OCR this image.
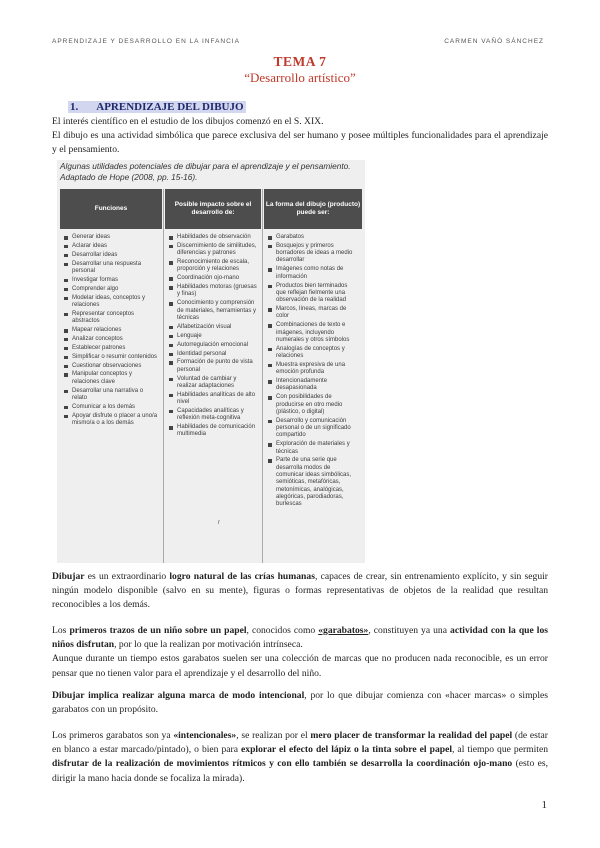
APRENDIZAJE Y DESARROLLO EN LA INFANCIA	CARMEN VAÑÓ SÁNCHEZ
TEMA 7
“Desarrollo artístico”
1. APRENDIZAJE DEL DIBUJO
El interés científico en el estudio de los dibujos comenzó en el S. XIX.
El dibujo es una actividad simbólica que parece exclusiva del ser humano y posee múltiples funcionalidades para el aprendizaje y el pensamiento.
Algunas utilidades potenciales de dibujar para el aprendizaje y el pensamiento.
Adaptado de Hope (2008, pp. 15-16).
Funciones
Posible impacto sobre el desarrollo de:
La forma del dibujo (producto) puede ser:
Generar ideas
Aclarar ideas
Desarrollar ideas
Desarrollar una respuesta personal
Investigar formas
Comprender algo
Modelar ideas, conceptos y relaciones
Representar conceptos abstractos
Mapear relaciones
Analizar conceptos
Establecer patrones
Simplificar o resumir contenidos
Cuestionar observaciones
Manipular conceptos y relaciones clave
Desarrollar una narrativa o relato
Comunicar a los demás
Apoyar disfrute o placer a uno/a mismo/a o a los demás
Habilidades de observación
Discernimiento de similitudes, diferencias y patrones
Reconocimiento de escala, proporción y relaciones
Coordinación ojo-mano
Habilidades motoras (gruesas y finas)
Conocimiento y comprensión de materiales, herramientas y técnicas
Alfabetización visual
Lenguaje
Autorregulación emocional
Identidad personal
Formación de punto de vista personal
Voluntad de cambiar y realizar adaptaciones
Habilidades analíticas de alto nivel
Capacidades analíticas y reflexión meta-cognitiva
Habilidades de comunicación multimedia
Garabatos
Bosquejos y primeros borradores de ideas a medio desarrollar
Imágenes como notas de información
Productos bien terminados que reflejan fielmente una observación de la realidad
Marcos, líneas, marcas de color
Combinaciones de texto e imágenes, incluyendo numerales y otros símbolos
Analogías de conceptos y relaciones
Muestra expresiva de una emoción profunda
Intencionadamente desapasionada
Con posibilidades de producirse en otro medio (plástico, o digital)
Desarrollo y comunicación personal o de un significado compartido
Exploración de materiales y técnicas
Parte de una serie que desarrolla modos de comunicar ideas simbólicas, semióticas, metafóricas, metonímicas, analógicas, alegóricas, parodiadoras, burlescas
r
Dibujar es un extraordinario logro natural de las crías humanas, capaces de crear, sin entrenamiento explícito, y sin seguir ningún modelo disponible (salvo en su mente), figuras o formas representativas de objetos de la realidad que resultan reconocibles a los demás.
Los primeros trazos de un niño sobre un papel, conocidos como «garabatos», constituyen ya una actividad con la que los niños disfrutan, por lo que la realizan por motivación intrínseca.
Aunque durante un tiempo estos garabatos suelen ser una colección de marcas que no producen nada reconocible, es un error pensar que no tienen valor para el aprendizaje y el desarrollo del niño.
Dibujar implica realizar alguna marca de modo intencional, por lo que dibujar comienza con «hacer marcas» o simples garabatos con un propósito.
Los primeros garabatos son ya «intencionales», se realizan por el mero placer de transformar la realidad del papel (de estar en blanco a estar marcado/pintado), o bien para explorar el efecto del lápiz o la tinta sobre el papel, al tiempo que permiten disfrutar de la realización de movimientos rítmicos y con ello también se desarrolla la coordinación ojo-mano (esto es, dirigir la mano hacia donde se focaliza la mirada).
1
